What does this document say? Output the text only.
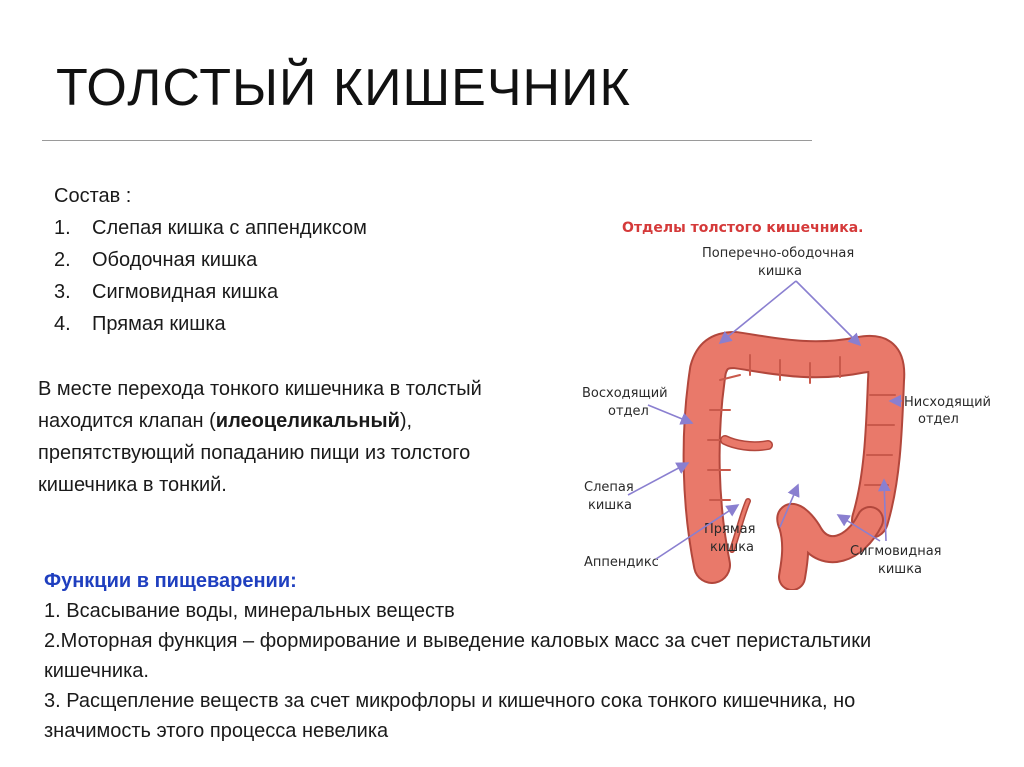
ТОЛСТЫЙ КИШЕЧНИК
Состав :
1.	Слепая кишка с аппендиксом
2.	Ободочная кишка
3.	Сигмовидная кишка
4.	Прямая кишка
В месте перехода тонкого кишечника в толстый находится клапан (илеоцеликальный), препятствующий попаданию пищи из толстого кишечника в тонкий.
Отделы толстого кишечника.
Поперечно-ободочная
кишка
Восходящий
отдел
Нисходящий
отдел
Слепая
кишка
Прямая
кишка
Аппендикс
Сигмовидная
кишка
Функции в пищеварении:
1. Всасывание воды, минеральных веществ
2.Моторная функция – формирование и выведение каловых масс за счет перистальтики кишечника.
3. Расщепление веществ за счет микрофлоры и кишечного сока тонкого кишечника, но значимость этого процесса невелика
